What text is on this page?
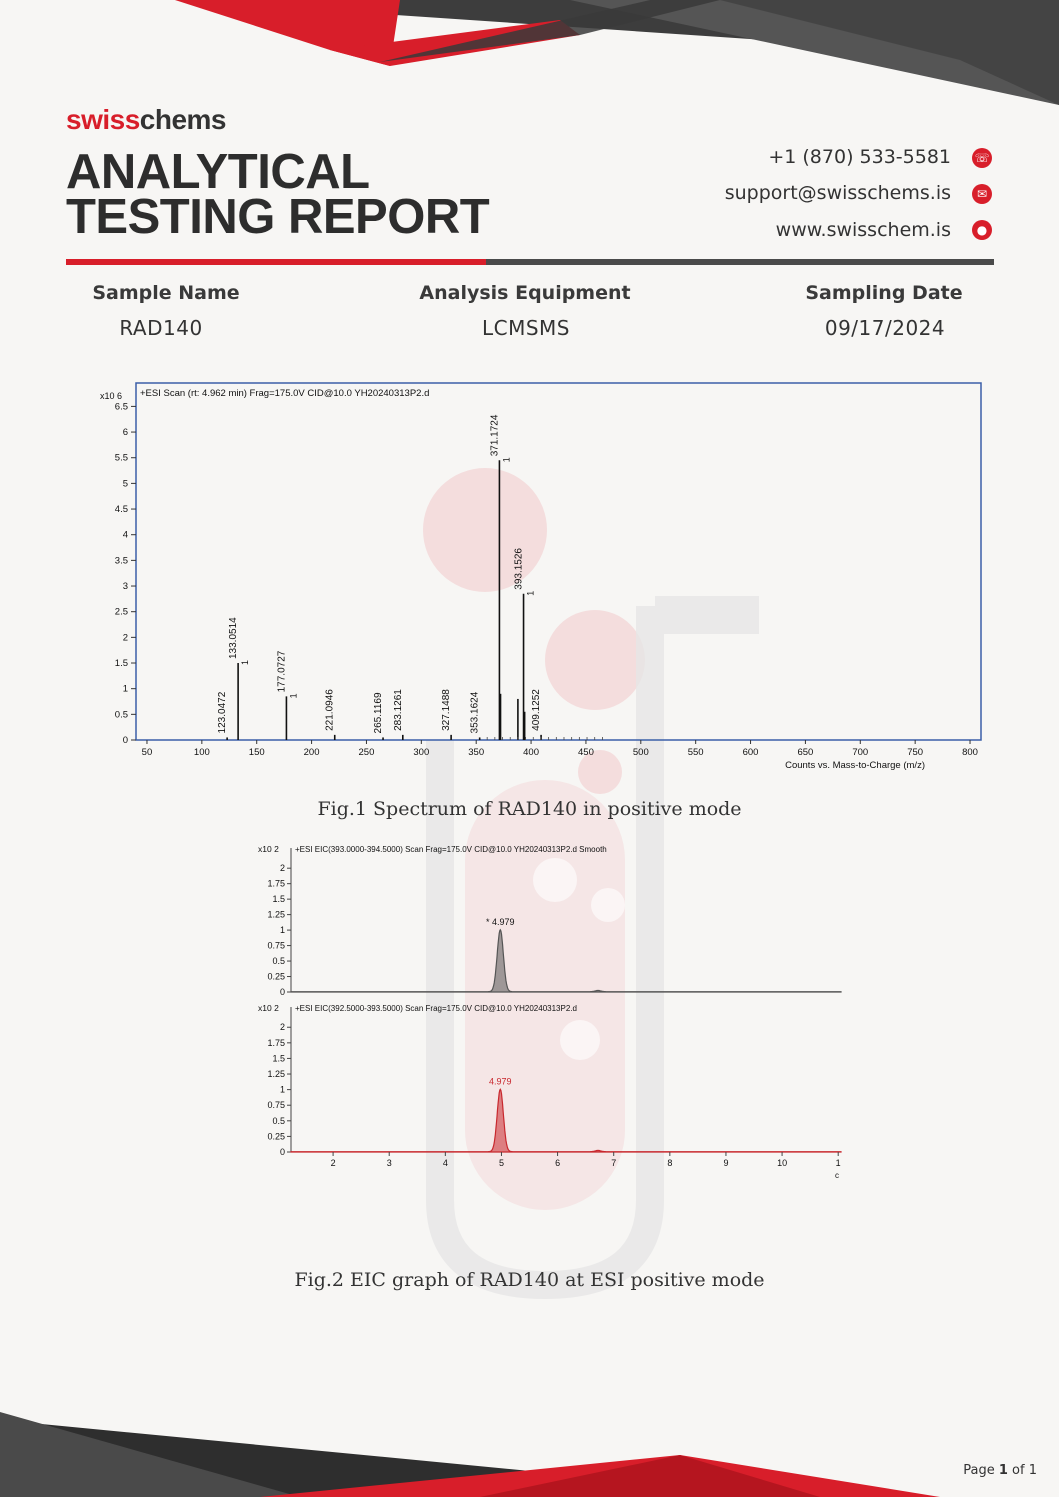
swisschems
ANALYTICAL
TESTING REPORT
+1 (870) 533-5581 ☏
support@swisschems.is	✉
www.swisschem.is	●
Sample Name
RAD140
Analysis Equipment
LCMSMS
Sampling Date
09/17/2024
+ESI Scan (rt: 4.962 min) Frag=175.0V CID@10.0 YH20240313P2.d
x10 6
0
0.5
1
1.5
2
2.5
3
3.5
4
4.5
5
5.5
6
6.5
50	100	150	200	250	300	350	400	450	500	550	600	650	700	750	800
Counts vs. Mass-to-Charge (m/z)
123.0472
133.0514
1	177.0727
1	221.0946	265.1169 283.1261	327.1488 353.1624
371.1724
1
393.1526
1
409.1252
Fig.1 Spectrum of RAD140 in positive mode
x10 2 +ESI EIC(393.0000-394.5000) Scan Frag=175.0V CID@10.0 YH20240313P2.d Smooth
0
0.25
0.5
0.75
1
1.25
1.5
1.75
2
* 4.979
x10 2 +ESI EIC(392.5000-393.5000) Scan Frag=175.0V CID@10.0 YH20240313P2.d
0
0.25
0.5
0.75
1
1.25
1.5
1.75
2
4.979
2	3	4	5	6	7	8	9	10	1
c
Fig.2 EIC graph of RAD140 at ESI positive mode
Page 1 of 1
